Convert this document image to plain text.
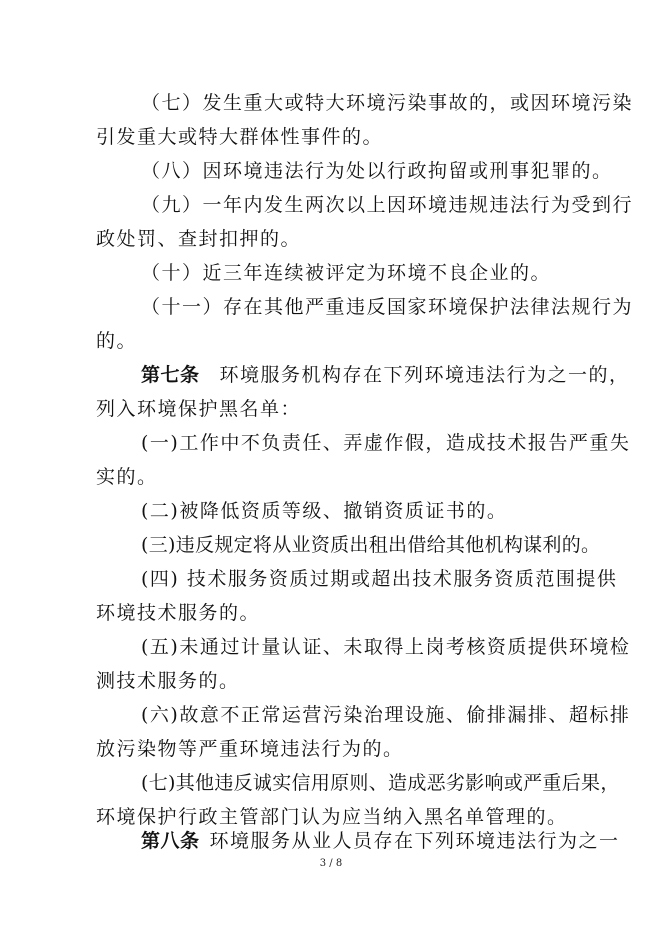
（七）发生重大或特大环境污染事故的，或因环境污染
引发重大或特大群体性事件的。
（八）因环境违法行为处以行政拘留或刑事犯罪的。
（九）一年内发生两次以上因环境违规违法行为受到行
政处罚、查封扣押的。
（十）近三年连续被评定为环境不良企业的。
（十一）存在其他严重违反国家环境保护法律法规行为
的。
第七条 环境服务机构存在下列环境违法行为之一的，
列入环境保护黑名单：
(一)工作中不负责任、弄虚作假，造成技术报告严重失
实的。
(二)被降低资质等级、撤销资质证书的。
(三)违反规定将从业资质出租出借给其他机构谋利的。
(四) 技术服务资质过期或超出技术服务资质范围提供
环境技术服务的。
(五)未通过计量认证、未取得上岗考核资质提供环境检
测技术服务的。
(六)故意不正常运营污染治理设施、偷排漏排、超标排
放污染物等严重环境违法行为的。
(七)其他违反诚实信用原则、造成恶劣影响或严重后果，
环境保护行政主管部门认为应当纳入黑名单管理的。
第八条 环境服务从业人员存在下列环境违法行为之一
3 / 8
